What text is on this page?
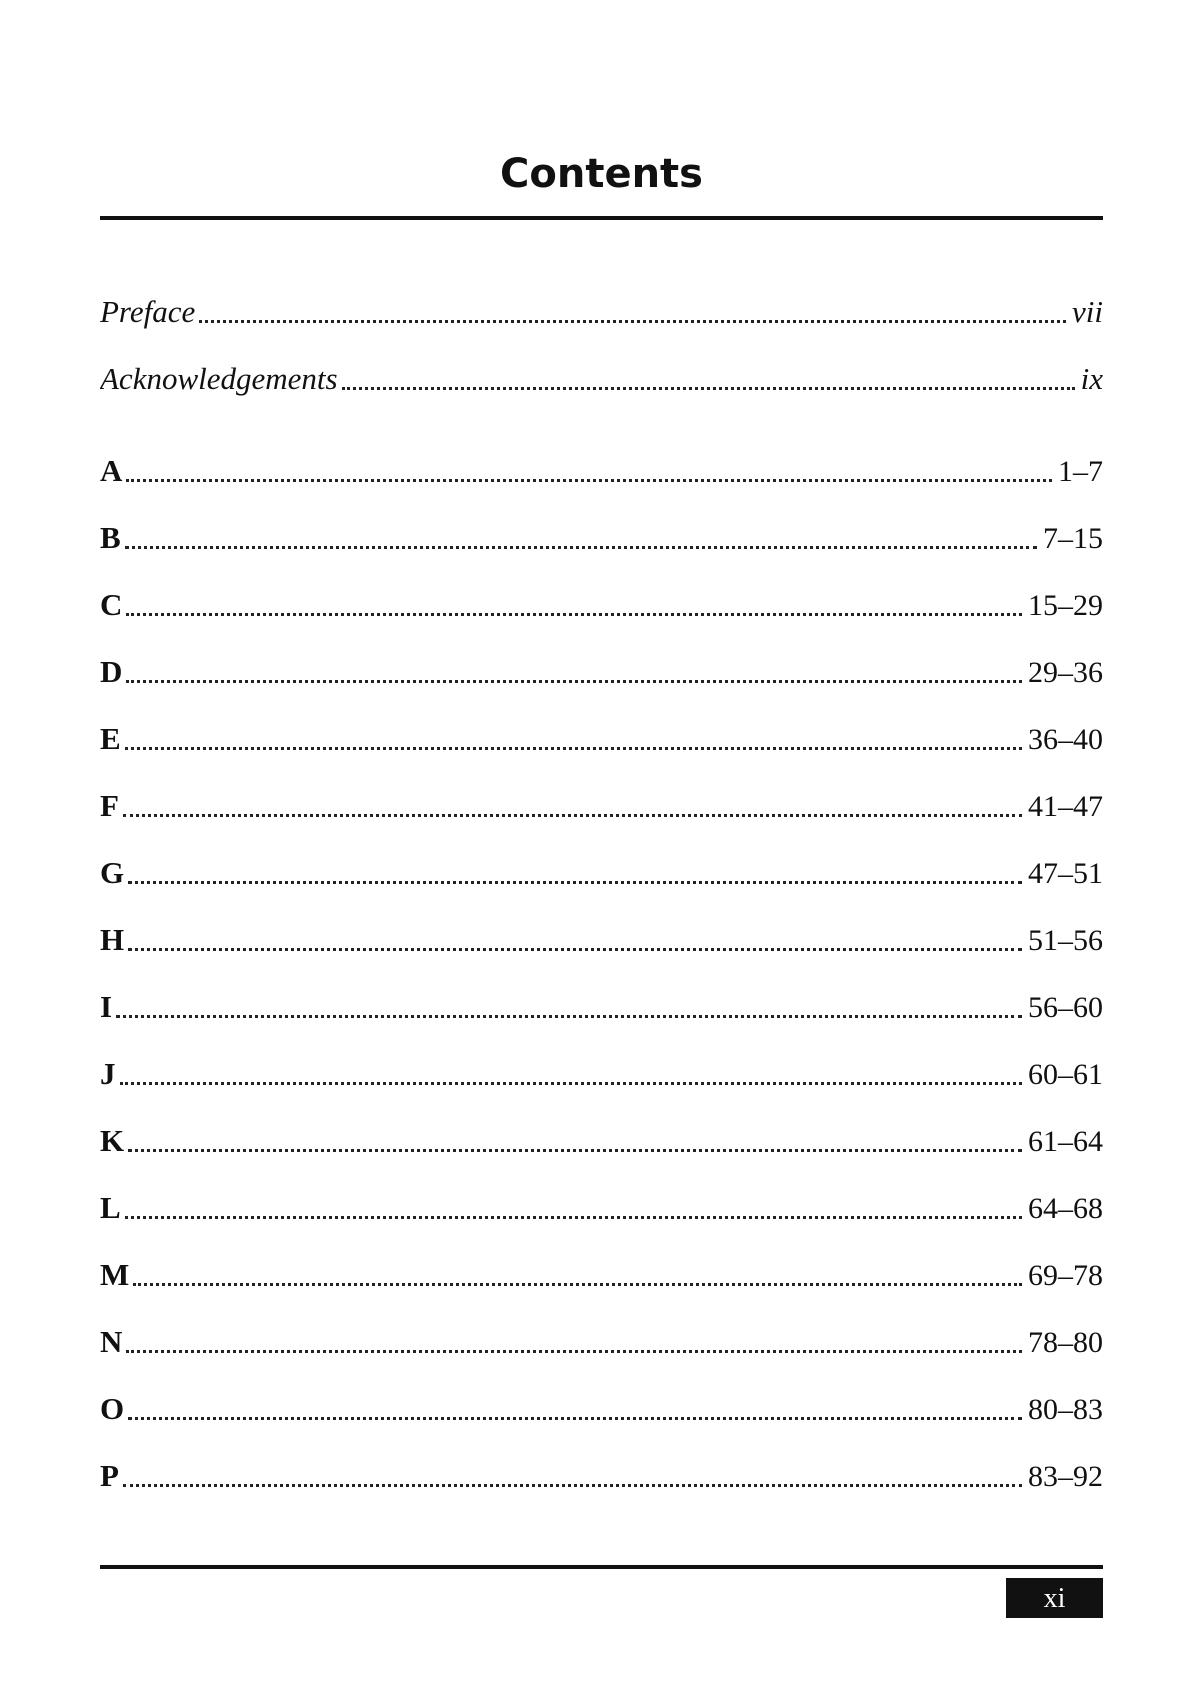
Contents
Preface	vii
Acknowledgements	ix
A	1–7
B	7–15
C	15–29
D	29–36
E	36–40
F	41–47
G	47–51
H	51–56
I	56–60
J	60–61
K	61–64
L	64–68
M	69–78
N	78–80
O	80–83
P	83–92
xi
